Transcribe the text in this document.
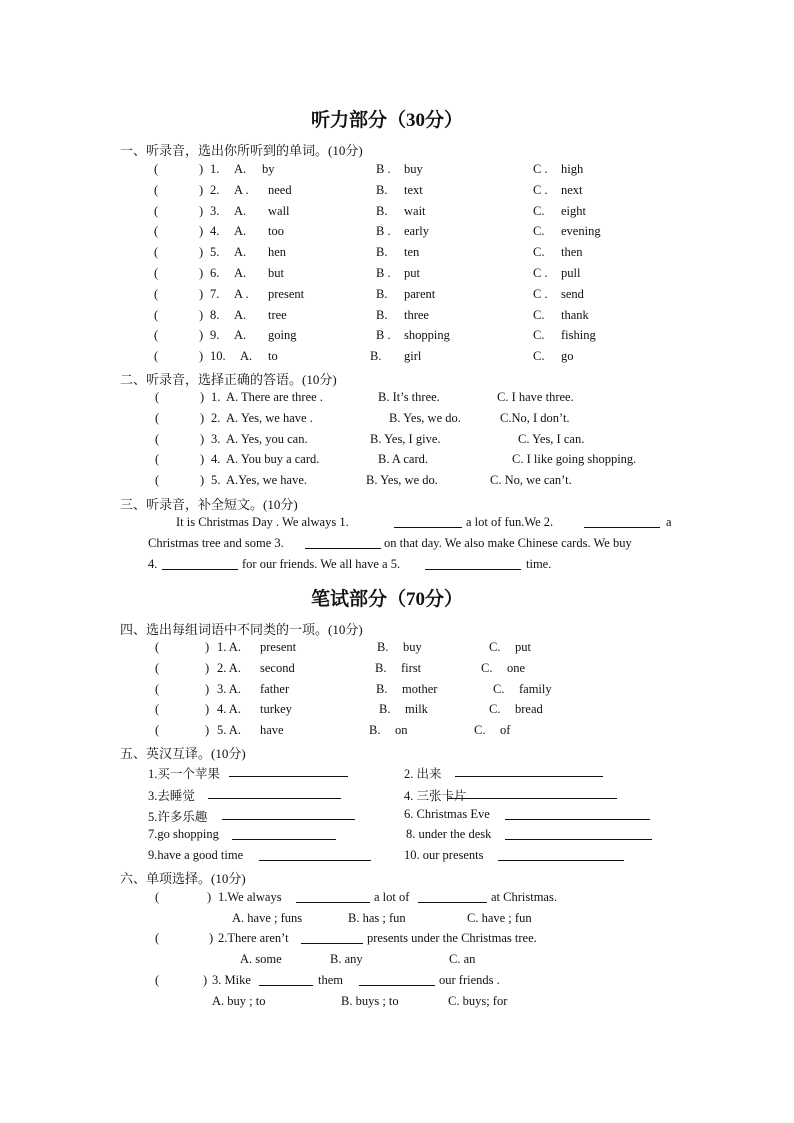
听力部分（30分）
笔试部分（70分）
一、听录音，选出你所听到的单词。(10分)
(	) 1. A. by	B . buy	C . high
(	) 2. A . need	B. text	C . next
(	) 3. A. wall	B. wait	C. eight
(	) 4. A. too	B . early	C. evening
(	) 5. A. hen	B. ten	C. then
(	) 6. A. but	B . put	C . pull
(	) 7. A . present	B. parent	C . send
(	) 8. A. tree	B. three	C. thank
(	) 9. A. going	B . shopping	C. fishing
(	) 10. A. to	B. girl	C. go
二、听录音，选择正确的答语。(10分)
(	) 1. A. There are three .	B. It’s three.	C. I have three.
(	) 2. A. Yes, we have .	B. Yes, we do.	C.No, I don’t.
(	) 3. A. Yes, you can.	B. Yes, I give.	C. Yes, I can.
(	) 4. A. You buy a card.	B. A card.	C. I like going shopping.
(	) 5. A.Yes, we have.	B. Yes, we do.	C. No, we can’t.
三、听录音，补全短文。(10分)
It is Christmas Day . We always 1.	a lot of fun.We 2.	a
Christmas tree and some 3.	on that day. We also make Chinese cards. We buy
4.	for our friends. We all have a 5.	time.
四、选出每组词语中不同类的一项。(10分)
(	) 1. A. present	B. buy	C. put
(	) 2. A. second	B. first	C. one
(	) 3. A. father	B. mother	C. family
(	) 4. A. turkey	B. milk	C. bread
(	) 5. A. have	B. on	C. of
五、英汉互译。(10分)
1.买一个苹果	2. 出来
3.去睡觉	4. 三张卡片
5.许多乐趣	6. Christmas Eve
7.go shopping	8. under the desk
9.have a good time	10. our presents
六、单项选择。(10分)
(	) 1.We always	a lot of	at Christmas.
A. have ; funs	B. has ; fun	C. have ; fun
(	) 2.There aren’t	presents under the Christmas tree.
A. some	B. any	C. an
(	) 3. Mike	them	our friends .
A. buy ; to	B. buys ; to	C. buys; for
